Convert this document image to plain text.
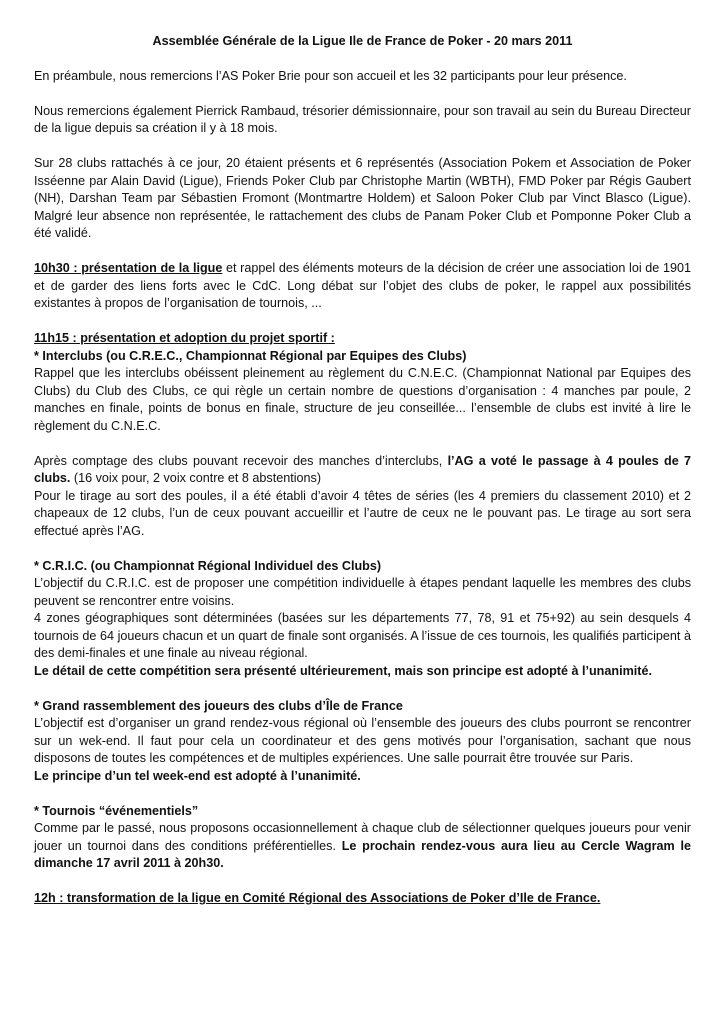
Assemblée Générale de la Ligue Ile de France de Poker - 20 mars 2011

En préambule, nous remercions l’AS Poker Brie pour son accueil et les 32 participants pour leur présence.

Nous remercions également Pierrick Rambaud, trésorier démissionnaire, pour son travail au sein du Bureau Directeur de la ligue depuis sa création il y à 18 mois.

Sur 28 clubs rattachés à ce jour, 20 étaient présents et 6 représentés (Association Pokem et Association de Poker Isséenne par Alain David (Ligue), Friends Poker Club par Christophe Martin (WBTH), FMD Poker par Régis Gaubert (NH), Darshan Team par Sébastien Fromont (Montmartre Holdem) et Saloon Poker Club par Vinct Blasco (Ligue). Malgré leur absence non représentée, le rattachement des clubs de Panam Poker Club et Pomponne Poker Club a été validé.

10h30 : présentation de la ligue et rappel des éléments moteurs de la décision de créer une association loi de 1901 et de garder des liens forts avec le CdC. Long débat sur l’objet des clubs de poker, le rappel aux possibilités existantes à propos de l’organisation de tournois, ...

11h15 : présentation et adoption du projet sportif :

* Interclubs (ou C.R.E.C., Championnat Régional par Equipes des Clubs)

Rappel que les interclubs obéissent pleinement au règlement du C.N.E.C. (Championnat National par Equipes des Clubs) du Club des Clubs, ce qui règle un certain nombre de questions d’organisation : 4 manches par poule, 2 manches en finale, points de bonus en finale, structure de jeu conseillée... l’ensemble de clubs est invité à lire le règlement du C.N.E.C.

Après comptage des clubs pouvant recevoir des manches d’interclubs, l’AG a voté le passage à 4 poules de 7 clubs. (16 voix pour, 2 voix contre et 8 abstentions)

Pour le tirage au sort des poules, il a été établi d’avoir 4 têtes de séries (les 4 premiers du classement 2010) et 2 chapeaux de 12 clubs, l’un de ceux pouvant accueillir et l’autre de ceux ne le pouvant pas. Le tirage au sort sera effectué après l’AG.

* C.R.I.C. (ou Championnat Régional Individuel des Clubs)

L’objectif du C.R.I.C. est de proposer une compétition individuelle à étapes pendant laquelle les membres des clubs peuvent se rencontrer entre voisins.

4 zones géographiques sont déterminées (basées sur les départements 77, 78, 91 et 75+92) au sein desquels 4 tournois de 64 joueurs chacun et un quart de finale sont organisés. A l’issue de ces tournois, les qualifiés participent à des demi-finales et une finale au niveau régional.

Le détail de cette compétition sera présenté ultérieurement, mais son principe est adopté à l’unanimité.

* Grand rassemblement des joueurs des clubs d’Île de France

L’objectif est d’organiser un grand rendez-vous régional où l’ensemble des joueurs des clubs pourront se rencontrer sur un wek-end. Il faut pour cela un coordinateur et des gens motivés pour l’organisation, sachant que nous disposons de toutes les compétences et de multiples expériences. Une salle pourrait être trouvée sur Paris.

Le principe d’un tel week-end est adopté à l’unanimité.

* Tournois “événementiels”

Comme par le passé, nous proposons occasionnellement à chaque club de sélectionner quelques joueurs pour venir jouer un tournoi dans des conditions préférentielles. Le prochain rendez-vous aura lieu au Cercle Wagram le dimanche 17 avril 2011 à 20h30.

12h : transformation de la ligue en Comité Régional des Associations de Poker d’Ile de France.
